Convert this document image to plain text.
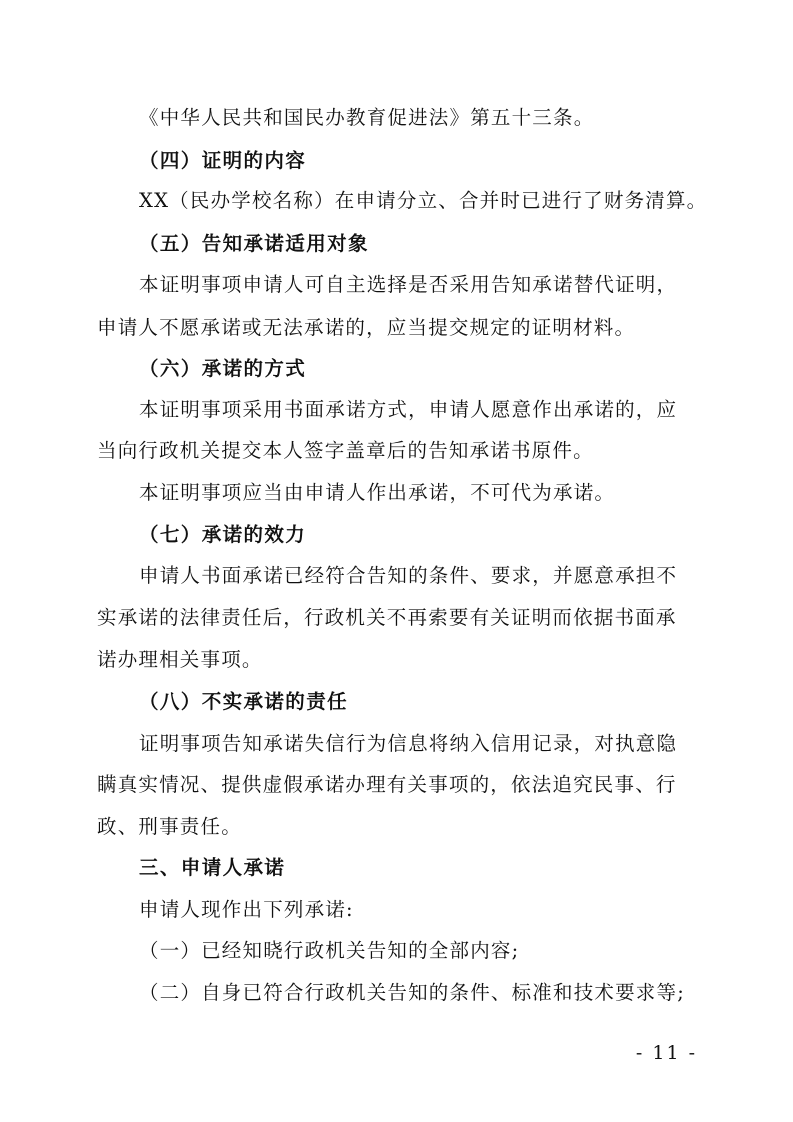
《中华人民共和国民办教育促进法》第五十三条。
（四）证明的内容
XX（民办学校名称）在申请分立、合并时已进行了财务清算。
（五）告知承诺适用对象
本证明事项申请人可自主选择是否采用告知承诺替代证明，
申请人不愿承诺或无法承诺的，应当提交规定的证明材料。
（六）承诺的方式
本证明事项采用书面承诺方式，申请人愿意作出承诺的，应
当向行政机关提交本人签字盖章后的告知承诺书原件。
本证明事项应当由申请人作出承诺，不可代为承诺。
（七）承诺的效力
申请人书面承诺已经符合告知的条件、要求，并愿意承担不
实承诺的法律责任后，行政机关不再索要有关证明而依据书面承
诺办理相关事项。
（八）不实承诺的责任
证明事项告知承诺失信行为信息将纳入信用记录，对执意隐
瞒真实情况、提供虚假承诺办理有关事项的，依法追究民事、行
政、刑事责任。
三、申请人承诺
申请人现作出下列承诺:
（一）已经知晓行政机关告知的全部内容;
（二）自身已符合行政机关告知的条件、标准和技术要求等;
- 11 -
